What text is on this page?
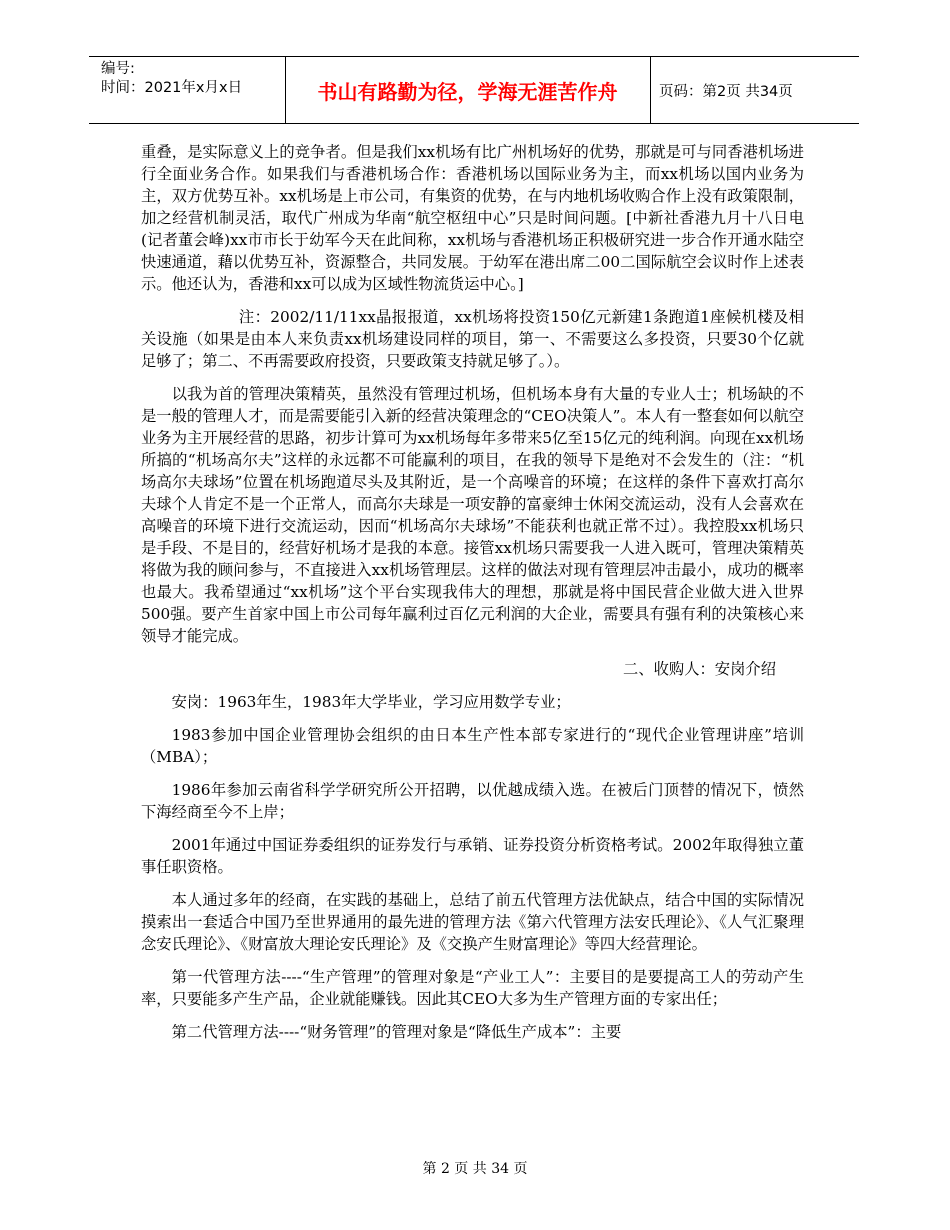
编号:
时间：2021年x月x日	书山有路勤为径，学海无涯苦作舟	页码：第2页 共34页

重叠，是实际意义上的竞争者。但是我们xx机场有比广州机场好的优势，那就是可与同香港机场进行全面业务合作。如果我们与香港机场合作：香港机场以国际业务为主，而xx机场以国内业务为主，双方优势互补。xx机场是上市公司，有集资的优势，在与内地机场收购合作上没有政策限制，加之经营机制灵活，取代广州成为华南“航空枢纽中心”只是时间问题。[中新社香港九月十八日电(记者董会峰)xx市市长于幼军今天在此间称，xx机场与香港机场正积极研究进一步合作开通水陆空快速通道，藉以优势互补，资源整合，共同发展。于幼军在港出席二00二国际航空会议时作上述表示。他还认为，香港和xx可以成为区域性物流货运中心。]

注：2002/11/11xx晶报报道，xx机场将投资150亿元新建1条跑道1座候机楼及相关设施（如果是由本人来负责xx机场建设同样的项目，第一、不需要这么多投资，只要30个亿就足够了；第二、不再需要政府投资，只要政策支持就足够了。）。

以我为首的管理决策精英，虽然没有管理过机场，但机场本身有大量的专业人士；机场缺的不是一般的管理人才，而是需要能引入新的经营决策理念的“CEO决策人”。本人有一整套如何以航空业务为主开展经营的思路，初步计算可为xx机场每年多带来5亿至15亿元的纯利润。向现在xx机场所搞的“机场高尔夫”这样的永远都不可能赢利的项目，在我的领导下是绝对不会发生的（注：“机场高尔夫球场”位置在机场跑道尽头及其附近，是一个高噪音的环境；在这样的条件下喜欢打高尔夫球个人肯定不是一个正常人，而高尔夫球是一项安静的富豪绅士休闲交流运动，没有人会喜欢在高噪音的环境下进行交流运动，因而“机场高尔夫球场”不能获利也就正常不过）。我控股xx机场只是手段、不是目的，经营好机场才是我的本意。接管xx机场只需要我一人进入既可，管理决策精英将做为我的顾问参与，不直接进入xx机场管理层。这样的做法对现有管理层冲击最小，成功的概率也最大。我希望通过“xx机场”这个平台实现我伟大的理想，那就是将中国民营企业做大进入世界500强。要产生首家中国上市公司每年赢利过百亿元利润的大企业，需要具有强有利的决策核心来领导才能完成。

二、收购人：安岗介绍

安岗：1963年生，1983年大学毕业，学习应用数学专业；

1983参加中国企业管理协会组织的由日本生产性本部专家进行的“现代企业管理讲座”培训（MBA）；

1986年参加云南省科学学研究所公开招聘，以优越成绩入选。在被后门顶替的情况下，愤然下海经商至今不上岸；

2001年通过中国证券委组织的证券发行与承销、证券投资分析资格考试。2002年取得独立董事任职资格。

本人通过多年的经商，在实践的基础上，总结了前五代管理方法优缺点，结合中国的实际情况摸索出一套适合中国乃至世界通用的最先进的管理方法《第六代管理方法安氏理论》、《人气汇聚理念安氏理论》、《财富放大理论安氏理论》及《交换产生财富理论》等四大经营理论。

第一代管理方法----“生产管理”的管理对象是“产业工人”：主要目的是要提高工人的劳动产生率，只要能多产生产品，企业就能赚钱。因此其CEO大多为生产管理方面的专家出任；

第二代管理方法----“财务管理”的管理对象是“降低生产成本”：主要

第 2 页 共 34 页
